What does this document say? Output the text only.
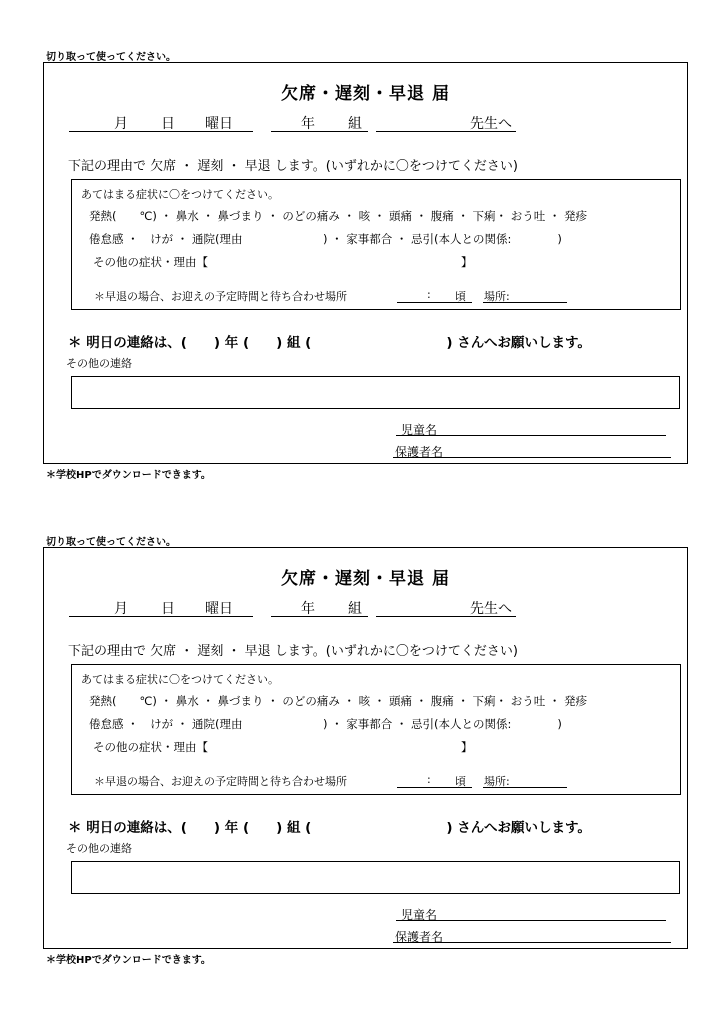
切り取って使ってください。
欠席・遅刻・早退 届
月 日 曜日	年 組	先生へ
下記の理由で 欠席 ・ 遅刻 ・ 早退 します。(いずれかに〇をつけてください)
あてはまる症状に〇をつけてください。
発熱(　　℃) ・ 鼻水 ・ 鼻づまり ・ のどの痛み ・ 咳 ・ 頭痛 ・ 腹痛 ・ 下痢・ おう吐 ・ 発疹
倦怠感 ・　けが ・ 通院(理由　　　　　　　) ・ 家事都合 ・ 忌引(本人との関係:　　　　)
その他の症状・理由【　　　　　　　　　　　　　　　　　　　　　　】
＊早退の場合、お迎えの予定時間と待ち合わせ場所	: 頃 場所:
＊ 明日の連絡は、(　　) 年 (　　) 組 (　　　　　　　　　　) さんへお願いします。
その他の連絡
児童名
保護者名
＊学校HPでダウンロードできます。
切り取って使ってください。
欠席・遅刻・早退 届
月 日 曜日	年 組	先生へ
下記の理由で 欠席 ・ 遅刻 ・ 早退 します。(いずれかに〇をつけてください)
あてはまる症状に〇をつけてください。
発熱(　　℃) ・ 鼻水 ・ 鼻づまり ・ のどの痛み ・ 咳 ・ 頭痛 ・ 腹痛 ・ 下痢・ おう吐 ・ 発疹
倦怠感 ・　けが ・ 通院(理由　　　　　　　) ・ 家事都合 ・ 忌引(本人との関係:　　　　)
その他の症状・理由【　　　　　　　　　　　　　　　　　　　　　　】
＊早退の場合、お迎えの予定時間と待ち合わせ場所	: 頃 場所:
＊ 明日の連絡は、(　　) 年 (　　) 組 (　　　　　　　　　　) さんへお願いします。
その他の連絡
児童名
保護者名
＊学校HPでダウンロードできます。
